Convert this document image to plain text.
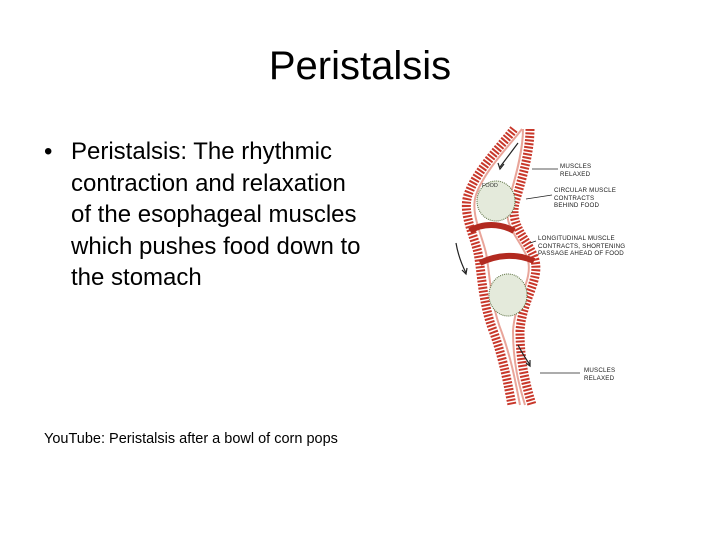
Peristalsis
• Peristalsis: The rhythmic contraction and relaxation of the esophageal muscles which pushes food down to the stomach
YouTube: Peristalsis after a bowl of corn pops
FOOD
MUSCLES
RELAXED
CIRCULAR MUSCLE
CONTRACTS
BEHIND FOOD
LONGITUDINAL MUSCLE
CONTRACTS, SHORTENING
PASSAGE AHEAD OF FOOD
MUSCLES
RELAXED
